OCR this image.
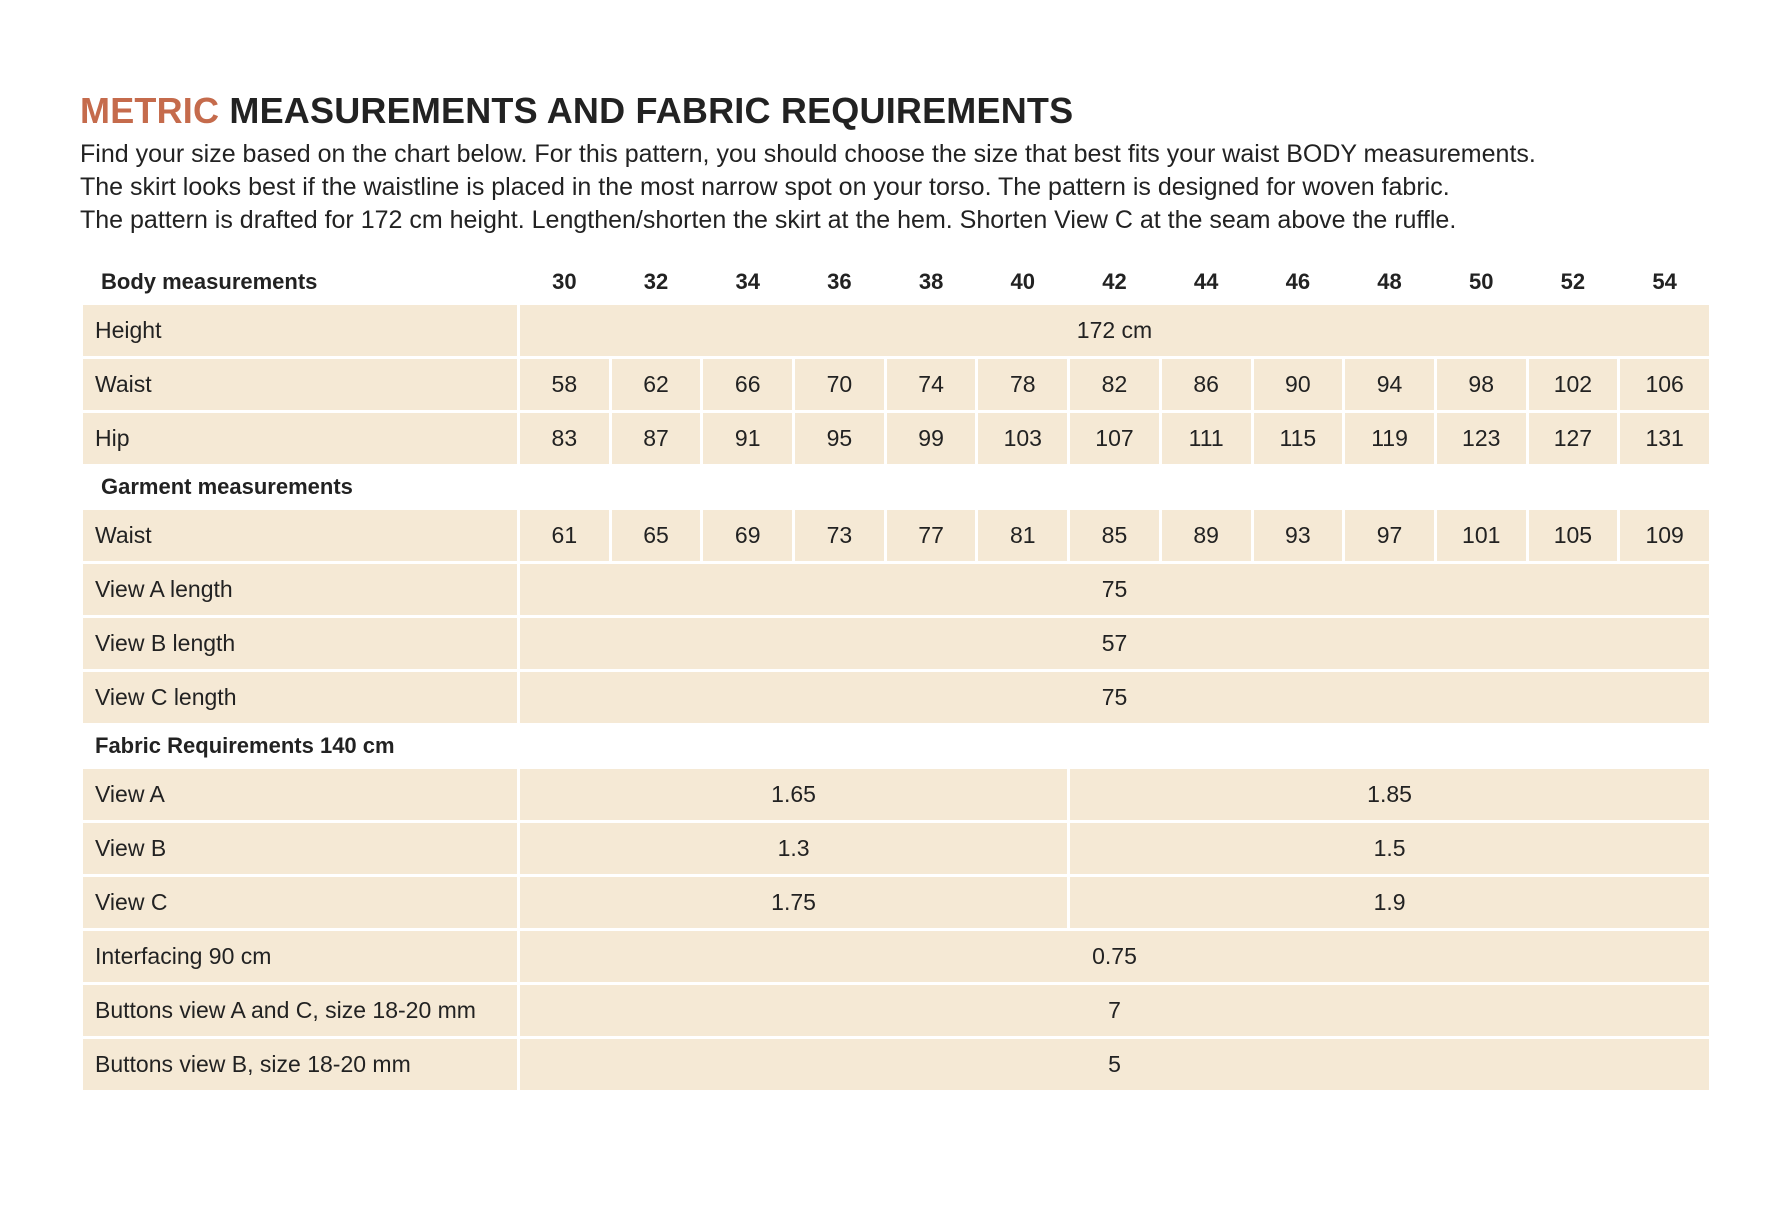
METRIC MEASUREMENTS AND FABRIC REQUIREMENTS
Find your size based on the chart below. For this pattern, you should choose the size that best fits your waist BODY measurements.
The skirt looks best if the waistline is placed in the most narrow spot on your torso. The pattern is designed for woven fabric.
The pattern is drafted for 172 cm height. Lengthen/shorten the skirt at the hem. Shorten View C at the seam above the ruffle.
Body measurements	30	32	34	36	38	40	42	44	46	48	50	52	54
Height	172 cm												
Waist	58	62	66	70	74	78	82	86	90	94	98	102	106
Hip	83	87	91	95	99	103	107	111	115	119	123	127	131
Garment measurements													
Waist	61	65	69	73	77	81	85	89	93	97	101	105	109
View A length	75												
View B length	57												
View C length	75												
Fabric Requirements 140 cm													
View A	1.65						1.85						
View B	1.3						1.5						
View C	1.75						1.9						
Interfacing 90 cm	0.75												
Buttons view A and C, size 18-20 mm	7												
Buttons view B, size 18-20 mm	5												
